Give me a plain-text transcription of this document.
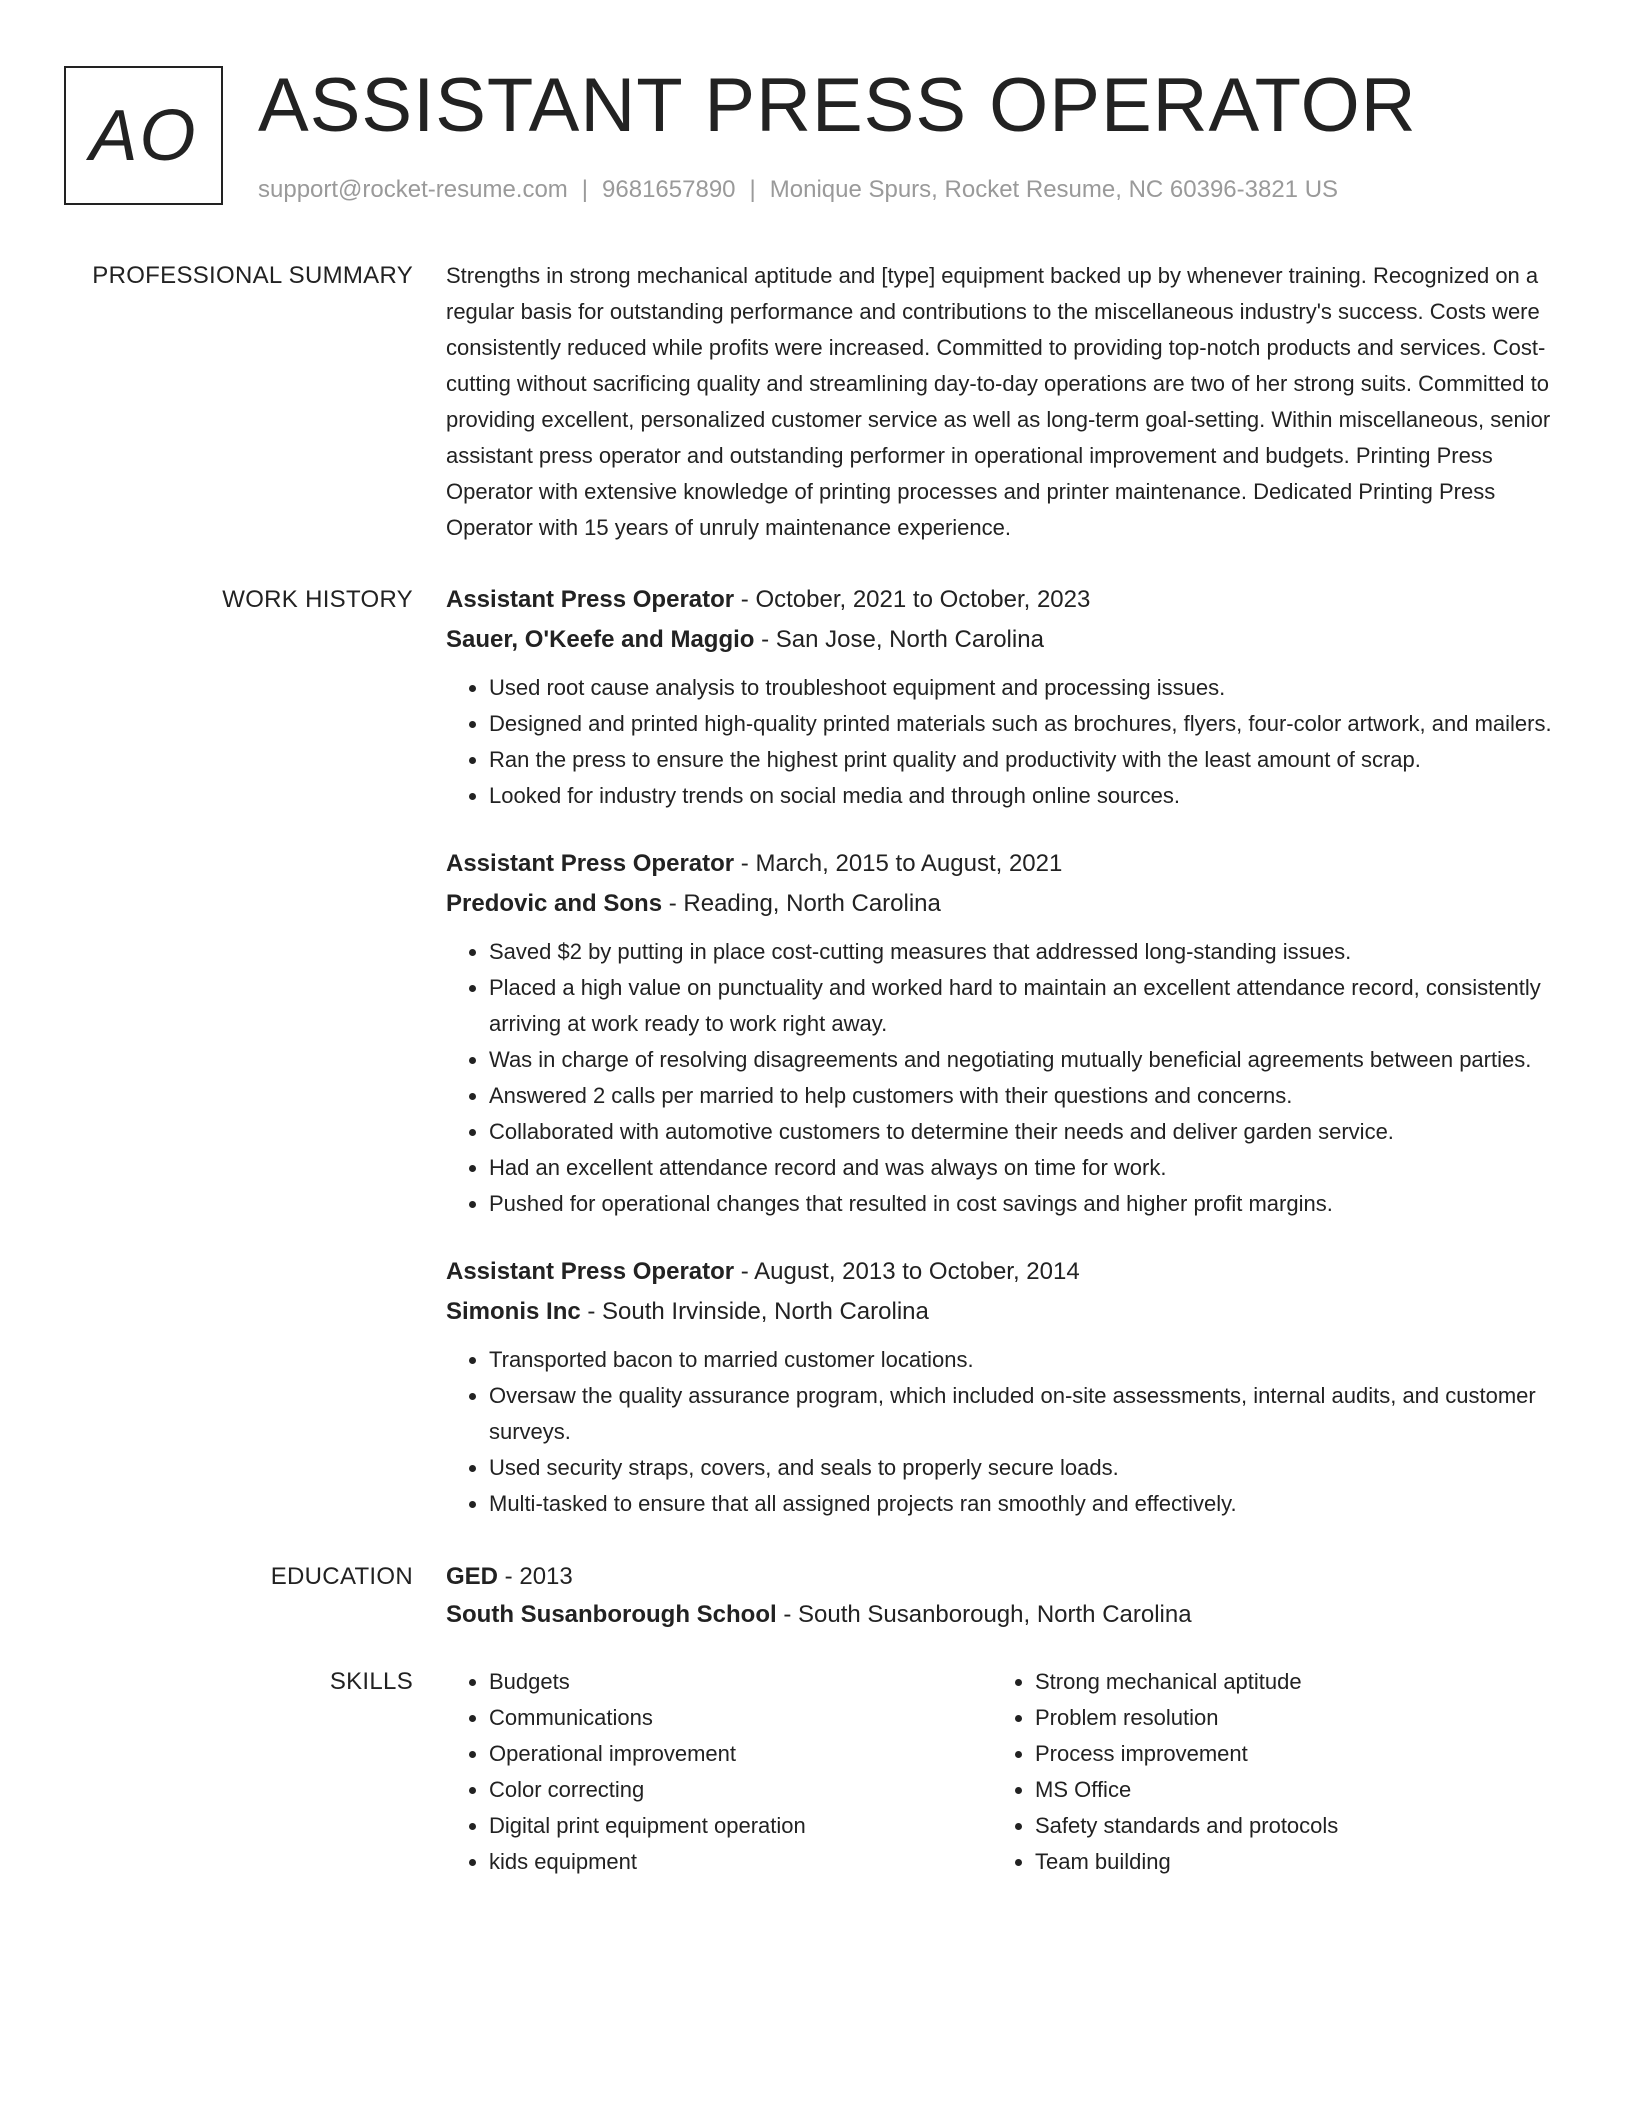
AO ASSISTANT PRESS OPERATOR
support@rocket-resume.com | 9681657890 | Monique Spurs, Rocket Resume, NC 60396-3821 US
PROFESSIONAL SUMMARY Strengths in strong mechanical aptitude and [type] equipment backed up by whenever training. Recognized on a regular basis for outstanding performance and contributions to the miscellaneous industry's success. Costs were consistently reduced while profits were increased. Committed to providing top-notch products and services. Cost-cutting without sacrificing quality and streamlining day-to-day operations are two of her strong suits. Committed to providing excellent, personalized customer service as well as long-term goal-setting. Within miscellaneous, senior assistant press operator and outstanding performer in operational improvement and budgets. Printing Press Operator with extensive knowledge of printing processes and printer maintenance. Dedicated Printing Press Operator with 15 years of unruly maintenance experience.

WORK HISTORY Assistant Press Operator - October, 2021 to October, 2023
Sauer, O'Keefe and Maggio - San Jose, North Carolina
• Used root cause analysis to troubleshoot equipment and processing issues.
• Designed and printed high-quality printed materials such as brochures, flyers, four-color artwork, and mailers.
• Ran the press to ensure the highest print quality and productivity with the least amount of scrap.
• Looked for industry trends on social media and through online sources.
Assistant Press Operator - March, 2015 to August, 2021
Predovic and Sons - Reading, North Carolina
• Saved $2 by putting in place cost-cutting measures that addressed long-standing issues.
• Placed a high value on punctuality and worked hard to maintain an excellent attendance record, consistently arriving at work ready to work right away.
• Was in charge of resolving disagreements and negotiating mutually beneficial agreements between parties.
• Answered 2 calls per married to help customers with their questions and concerns.
• Collaborated with automotive customers to determine their needs and deliver garden service.
• Had an excellent attendance record and was always on time for work.
• Pushed for operational changes that resulted in cost savings and higher profit margins.
Assistant Press Operator - August, 2013 to October, 2014
Simonis Inc - South Irvinside, North Carolina
• Transported bacon to married customer locations.
• Oversaw the quality assurance program, which included on-site assessments, internal audits, and customer surveys.
• Used security straps, covers, and seals to properly secure loads.
• Multi-tasked to ensure that all assigned projects ran smoothly and effectively.
EDUCATION GED - 2013
South Susanborough School - South Susanborough, North Carolina
SKILLS
•	Budgets
• Communications
• Operational improvement
• Color correcting
• Digital print equipment operation
• kids equipment
• Strong mechanical aptitude
• Problem resolution
• Process improvement
• MS Office
• Safety standards and protocols
• Team building
